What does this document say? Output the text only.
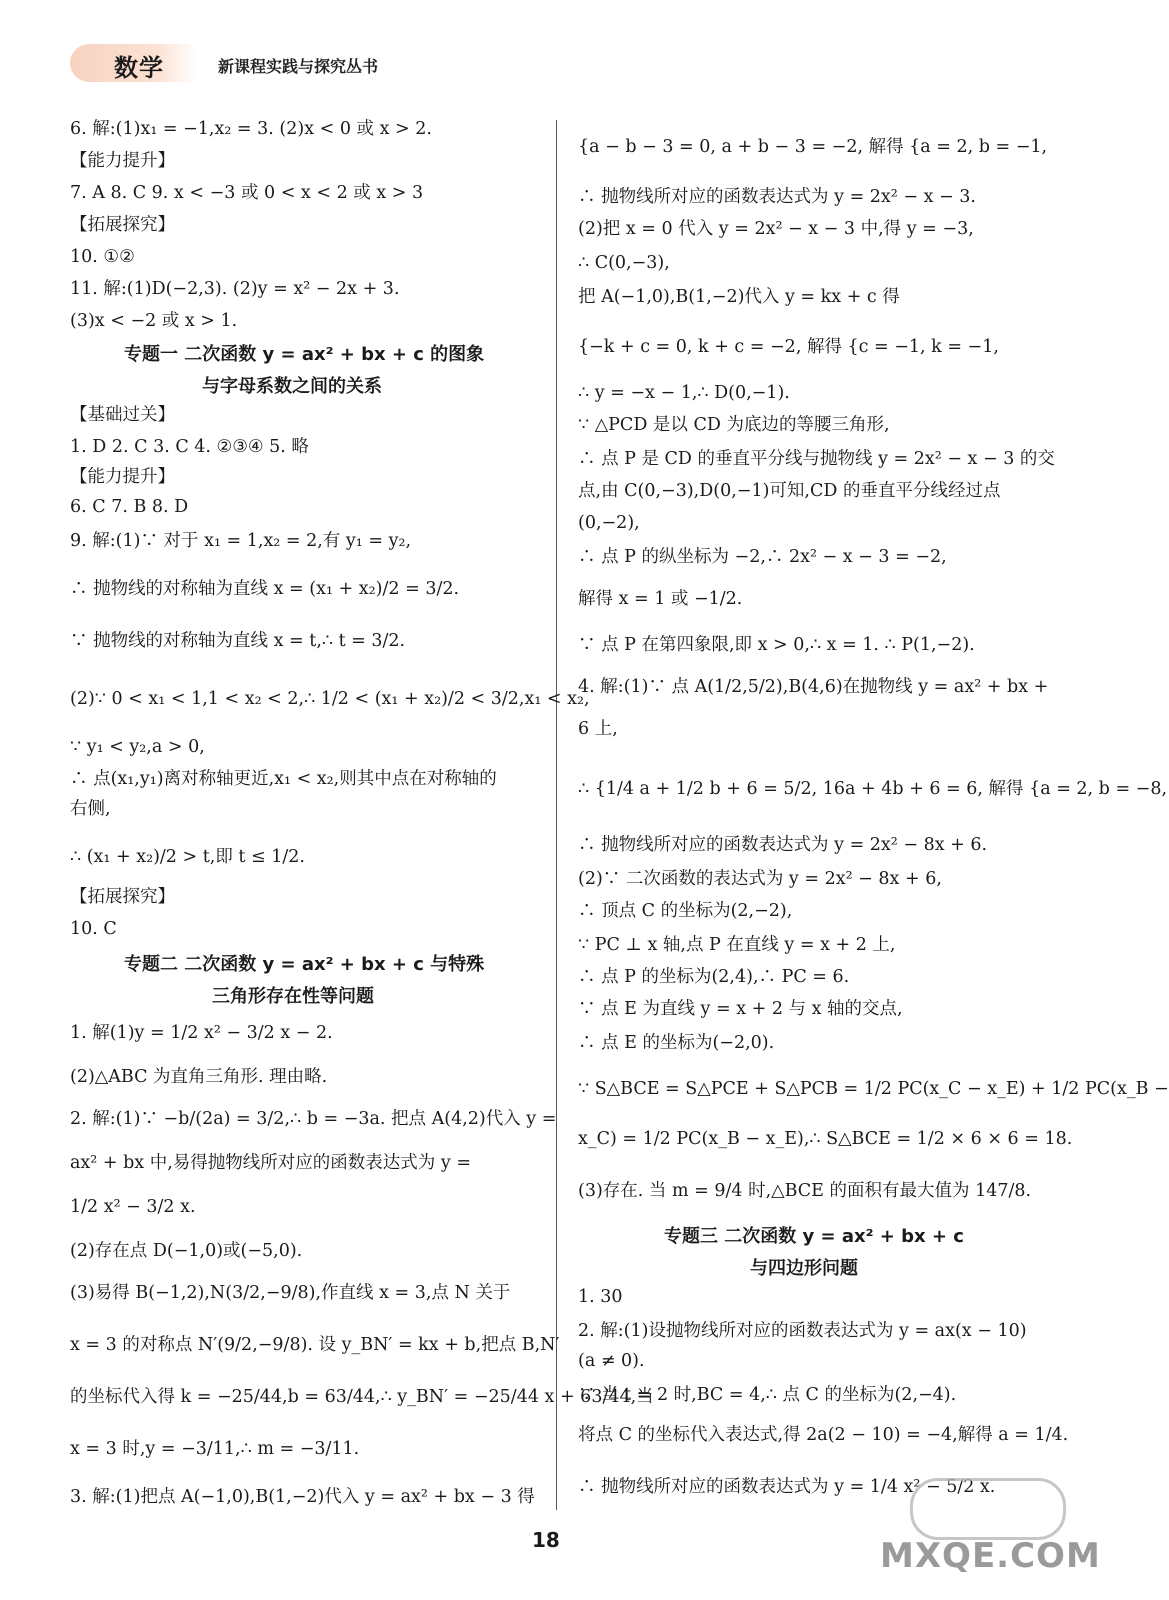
数学	新课程实践与探究丛书
6. 解:(1)x₁ = −1,x₂ = 3. (2)x < 0 或 x > 2.
【能力提升】
7. A 8. C 9. x < −3 或 0 < x < 2 或 x > 3
【拓展探究】
10. ①②
11. 解:(1)D(−2,3). (2)y = x² − 2x + 3.
(3)x < −2 或 x > 1.
专题一 二次函数 y = ax² + bx + c 的图象
与字母系数之间的关系
【基础过关】
1. D 2. C 3. C 4. ②③④ 5. 略
【能力提升】
6. C 7. B 8. D
9. 解:(1)∵ 对于 x₁ = 1,x₂ = 2,有 y₁ = y₂,
∴ 抛物线的对称轴为直线 x = (x₁ + x₂)/2 = 3/2.
∵ 抛物线的对称轴为直线 x = t,∴ t = 3/2.
(2)∵ 0 < x₁ < 1,1 < x₂ < 2,∴ 1/2 < (x₁ + x₂)/2 < 3/2,x₁ < x₂,
∵ y₁ < y₂,a > 0,
∴ 点(x₁,y₁)离对称轴更近,x₁ < x₂,则其中点在对称轴的
右侧,
∴ (x₁ + x₂)/2 > t,即 t ≤ 1/2.
【拓展探究】
10. C
专题二 二次函数 y = ax² + bx + c 与特殊
三角形存在性等问题
1. 解(1)y = 1/2 x² − 3/2 x − 2.
(2)△ABC 为直角三角形. 理由略.
2. 解:(1)∵ −b/(2a) = 3/2,∴ b = −3a. 把点 A(4,2)代入 y =
ax² + bx 中,易得抛物线所对应的函数表达式为 y =
1/2 x² − 3/2 x.
(2)存在点 D(−1,0)或(−5,0).
(3)易得 B(−1,2),N(3/2,−9/8),作直线 x = 3,点 N 关于
x = 3 的对称点 N′(9/2,−9/8). 设 y_BN′ = kx + b,把点 B,N′
的坐标代入得 k = −25/44,b = 63/44,∴ y_BN′ = −25/44 x + 63/44,当
x = 3 时,y = −3/11,∴ m = −3/11.
3. 解:(1)把点 A(−1,0),B(1,−2)代入 y = ax² + bx − 3 得
{a − b − 3 = 0, a + b − 3 = −2, 解得 {a = 2, b = −1,
∴ 抛物线所对应的函数表达式为 y = 2x² − x − 3.
(2)把 x = 0 代入 y = 2x² − x − 3 中,得 y = −3,
∴ C(0,−3),
把 A(−1,0),B(1,−2)代入 y = kx + c 得
{−k + c = 0, k + c = −2, 解得 {c = −1, k = −1,
∴ y = −x − 1,∴ D(0,−1).
∵ △PCD 是以 CD 为底边的等腰三角形,
∴ 点 P 是 CD 的垂直平分线与抛物线 y = 2x² − x − 3 的交
点,由 C(0,−3),D(0,−1)可知,CD 的垂直平分线经过点
(0,−2),
∴ 点 P 的纵坐标为 −2,∴ 2x² − x − 3 = −2,
解得 x = 1 或 −1/2.
∵ 点 P 在第四象限,即 x > 0,∴ x = 1. ∴ P(1,−2).
4. 解:(1)∵ 点 A(1/2,5/2),B(4,6)在抛物线 y = ax² + bx +
6 上,
∴ {1/4 a + 1/2 b + 6 = 5/2, 16a + 4b + 6 = 6, 解得 {a = 2, b = −8,
∴ 抛物线所对应的函数表达式为 y = 2x² − 8x + 6.
(2)∵ 二次函数的表达式为 y = 2x² − 8x + 6,
∴ 顶点 C 的坐标为(2,−2),
∵ PC ⊥ x 轴,点 P 在直线 y = x + 2 上,
∴ 点 P 的坐标为(2,4),∴ PC = 6.
∵ 点 E 为直线 y = x + 2 与 x 轴的交点,
∴ 点 E 的坐标为(−2,0).
∵ S△BCE = S△PCE + S△PCB = 1/2 PC(x_C − x_E) + 1/2 PC(x_B −
x_C) = 1/2 PC(x_B − x_E),∴ S△BCE = 1/2 × 6 × 6 = 18.
(3)存在. 当 m = 9/4 时,△BCE 的面积有最大值为 147/8.
专题三 二次函数 y = ax² + bx + c
与四边形问题
1. 30
2. 解:(1)设抛物线所对应的函数表达式为 y = ax(x − 10)
(a ≠ 0).
∵ 当 t = 2 时,BC = 4,∴ 点 C 的坐标为(2,−4).
将点 C 的坐标代入表达式,得 2a(2 − 10) = −4,解得 a = 1/4.
∴ 抛物线所对应的函数表达式为 y = 1/4 x² − 5/2 x.
18	MXQE.COM
